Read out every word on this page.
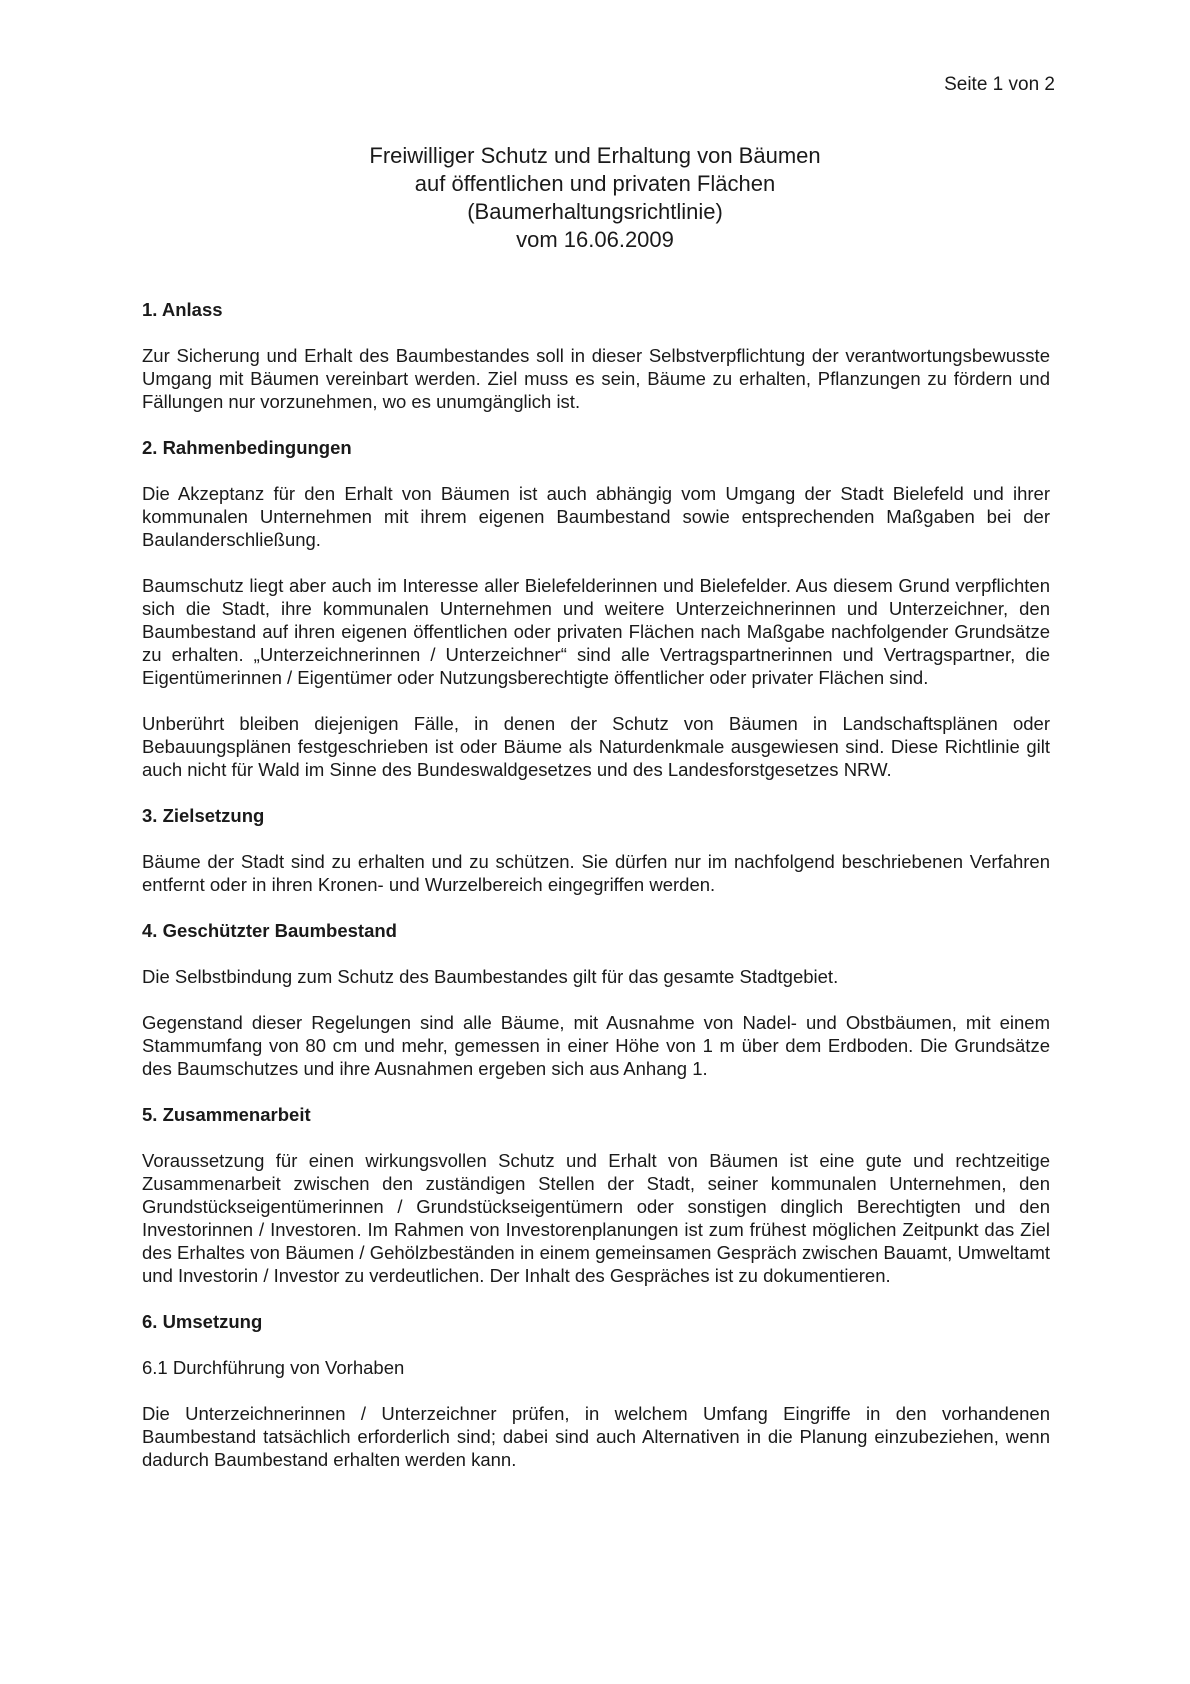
Seite 1 von 2
Freiwilliger Schutz und Erhaltung von Bäumen
auf öffentlichen und privaten Flächen
(Baumerhaltungsrichtlinie)
vom 16.06.2009
1. Anlass

Zur Sicherung und Erhalt des Baumbestandes soll in dieser Selbstverpflichtung der verantwortungsbewusste Umgang mit Bäumen vereinbart werden. Ziel muss es sein, Bäume zu erhalten, Pflanzungen zu fördern und Fällungen nur vorzunehmen, wo es unumgänglich ist.

2. Rahmenbedingungen

Die Akzeptanz für den Erhalt von Bäumen ist auch abhängig vom Umgang der Stadt Bielefeld und ihrer kommunalen Unternehmen mit ihrem eigenen Baumbestand sowie entsprechenden Maßgaben bei der Baulanderschließung.

Baumschutz liegt aber auch im Interesse aller Bielefelderinnen und Bielefelder. Aus diesem Grund verpflichten sich die Stadt, ihre kommunalen Unternehmen und weitere Unterzeichnerinnen und Unterzeichner, den Baumbestand auf ihren eigenen öffentlichen oder privaten Flächen nach Maßgabe nachfolgender Grundsätze zu erhalten. „Unterzeichnerinnen / Unterzeichner“ sind alle Vertragspartnerinnen und Vertragspartner, die Eigentümerinnen / Eigentümer oder Nutzungsberechtigte öffentlicher oder privater Flächen sind.

Unberührt bleiben diejenigen Fälle, in denen der Schutz von Bäumen in Landschaftsplänen oder Bebauungsplänen festgeschrieben ist oder Bäume als Naturdenkmale ausgewiesen sind. Diese Richtlinie gilt auch nicht für Wald im Sinne des Bundeswaldgesetzes und des Landesforstgesetzes NRW.

3. Zielsetzung

Bäume der Stadt sind zu erhalten und zu schützen. Sie dürfen nur im nachfolgend beschriebenen Verfahren entfernt oder in ihren Kronen- und Wurzelbereich eingegriffen werden.

4. Geschützter Baumbestand

Die Selbstbindung zum Schutz des Baumbestandes gilt für das gesamte Stadtgebiet.

Gegenstand dieser Regelungen sind alle Bäume, mit Ausnahme von Nadel- und Obstbäumen, mit einem Stammumfang von 80 cm und mehr, gemessen in einer Höhe von 1 m über dem Erdboden. Die Grundsätze des Baumschutzes und ihre Ausnahmen ergeben sich aus Anhang 1.

5. Zusammenarbeit

Voraussetzung für einen wirkungsvollen Schutz und Erhalt von Bäumen ist eine gute und rechtzeitige Zusammenarbeit zwischen den zuständigen Stellen der Stadt, seiner kommunalen Unternehmen, den Grundstückseigentümerinnen / Grundstückseigentümern oder sonstigen dinglich Berechtigten und den Investorinnen / Investoren. Im Rahmen von Investorenplanungen ist zum frühest möglichen Zeitpunkt das Ziel des Erhaltes von Bäumen / Gehölzbeständen in einem gemeinsamen Gespräch zwischen Bauamt, Umweltamt und Investorin / Investor zu verdeutlichen. Der Inhalt des Gespräches ist zu dokumentieren.

6. Umsetzung

6.1 Durchführung von Vorhaben

Die Unterzeichnerinnen / Unterzeichner prüfen, in welchem Umfang Eingriffe in den vorhandenen Baumbestand tatsächlich erforderlich sind; dabei sind auch Alternativen in die Planung einzubeziehen, wenn dadurch Baumbestand erhalten werden kann.
